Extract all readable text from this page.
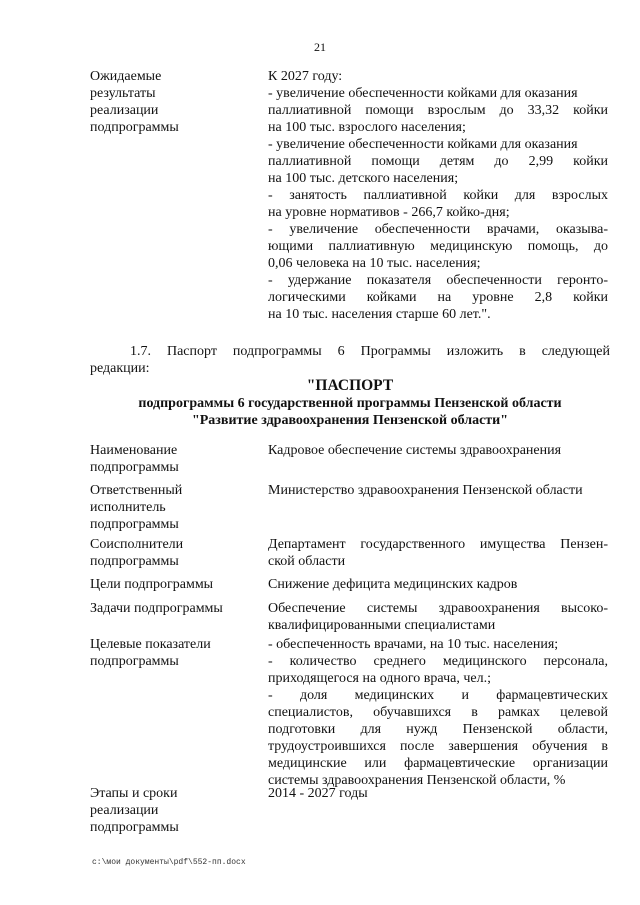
21
Ожидаемые
результаты
реализации
подпрограммы
К 2027 году:
- увеличение обеспеченности койками для оказания
паллиативной помощи взрослым до 33,32 койки
на 100 тыс. взрослого населения;
- увеличение обеспеченности койками для оказания
паллиативной помощи детям до 2,99 койки
на 100 тыс. детского населения;
- занятость паллиативной койки для взрослых
на уровне нормативов - 266,7 койко-дня;
- увеличение обеспеченности врачами, оказыва-
ющими паллиативную медицинскую помощь, до
0,06 человека на 10 тыс. населения;
- удержание показателя обеспеченности геронто-
логическими койками на уровне 2,8 койки
на 10 тыс. населения старше 60 лет.".
1.7. Паспорт подпрограммы 6 Программы изложить в следующей
редакции:
"ПАСПОРТ
подпрограммы 6 государственной программы Пензенской области
"Развитие здравоохранения Пензенской области"
Наименование
подпрограммы
Кадровое обеспечение системы здравоохранения
Ответственный
исполнитель
подпрограммы
Министерство здравоохранения Пензенской области
Соисполнители
подпрограммы
Департамент государственного имущества Пензен-
ской области
Цели подпрограммы	Снижение дефицита медицинских кадров
Задачи подпрограммы	Обеспечение системы здравоохранения высоко-
квалифицированными специалистами
Целевые показатели
подпрограммы
- обеспеченность врачами, на 10 тыс. населения;
- количество среднего медицинского персонала,
приходящегося на одного врача, чел.;
- доля медицинских и фармацевтических
специалистов, обучавшихся в рамках целевой
подготовки для нужд Пензенской области,
трудоустроившихся после завершения обучения в
медицинские или фармацевтические организации
системы здравоохранения Пензенской области, %
Этапы и сроки
реализации
подпрограммы
2014 - 2027 годы
c:\мои документы\pdf\552-пп.docx
